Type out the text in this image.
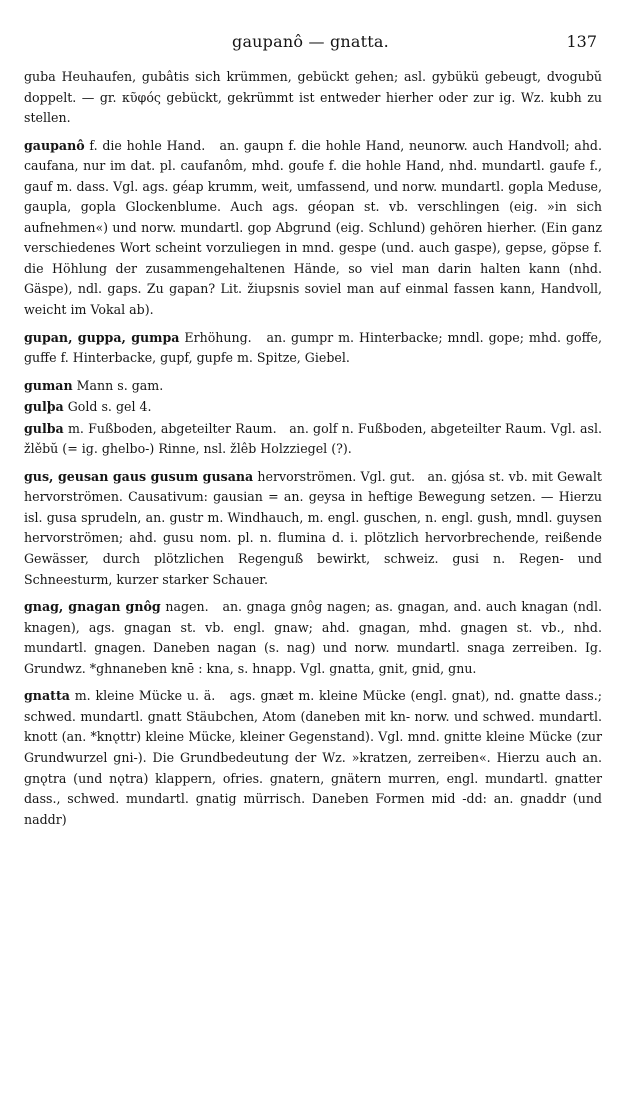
gaupanô — gnatta.	137

guba Heuhaufen, gubâtis sich krümmen, gebückt gehen; asl. gybükü gebeugt, dvogubŭ doppelt. — gr. κῦφός gebückt, gekrümmt ist entweder hierher oder zur ig. Wz. kubh zu stellen.

gaupanô f. die hohle Hand. an. gaupn f. die hohle Hand, neunorw. auch Handvoll; ahd. caufana, nur im dat. pl. caufanôm, mhd. goufe f. die hohle Hand, nhd. mundartl. gaufe f., gauf m. dass. Vgl. ags. géap krumm, weit, umfassend, und norw. mundartl. gopla Meduse, gaupla, gopla Glockenblume. Auch ags. géopan st. vb. verschlingen (eig. »in sich aufnehmen«) und norw. mundartl. gop Abgrund (eig. Schlund) gehören hierher. (Ein ganz verschiedenes Wort scheint vorzuliegen in mnd. gespe (und. auch gaspe), gepse, göpse f. die Höhlung der zusammengehaltenen Hände, so viel man darin halten kann (nhd. Gäspe), ndl. gaps. Zu gapan? Lit. žiupsnis soviel man auf einmal fassen kann, Handvoll, weicht im Vokal ab).

gupan, guppa, gumpa Erhöhung. an. gumpr m. Hinterbacke; mndl. gope; mhd. goffe, guffe f. Hinterbacke, gupf, gupfe m. Spitze, Giebel.

guman Mann s. gam.

gulþa Gold s. gel 4.

gulba m. Fußboden, abgeteilter Raum. an. golf n. Fußboden, abgeteilter Raum. Vgl. asl. žlěbŭ (= ig. ghelbo-) Rinne, nsl. žlêb Holzziegel (?).

gus, geusan gaus gusum gusana hervorströmen. Vgl. gut. an. gjósa st. vb. mit Gewalt hervorströmen. Causativum: gausian = an. geysa in heftige Bewegung setzen. — Hierzu isl. gusa sprudeln, an. gustr m. Windhauch, m. engl. guschen, n. engl. gush, mndl. guysen hervorströmen; ahd. gusu nom. pl. n. flumina d. i. plötzlich hervorbrechende, reißende Gewässer, durch plötzlichen Regenguß bewirkt, schweiz. gusi n. Regen- und Schneesturm, kurzer starker Schauer.

gnag, gnagan gnôg nagen. an. gnaga gnôg nagen; as. gnagan, and. auch knagan (ndl. knagen), ags. gnagan st. vb. engl. gnaw; ahd. gnagan, mhd. gnagen st. vb., nhd. mundartl. gnagen. Daneben nagan (s. nag) und norw. mundartl. snaga zerreiben. Ig. Grundwz. *ghnaneben knē : kna, s. hnapp. Vgl. gnatta, gnit, gnid, gnu.

gnatta m. kleine Mücke u. ä. ags. gnæt m. kleine Mücke (engl. gnat), nd. gnatte dass.; schwed. mundartl. gnatt Stäubchen, Atom (daneben mit kn- norw. und schwed. mundartl. knott (an. *knǫttr) kleine Mücke, kleiner Gegenstand). Vgl. mnd. gnitte kleine Mücke (zur Grundwurzel gni-). Die Grundbedeutung der Wz. »kratzen, zerreiben«. Hierzu auch an. gnǫtra (und nǫtra) klappern, ofries. gnatern, gnätern murren, engl. mundartl. gnatter dass., schwed. mundartl. gnatig mürrisch. Daneben Formen mid -dd: an. gnaddr (und naddr)
